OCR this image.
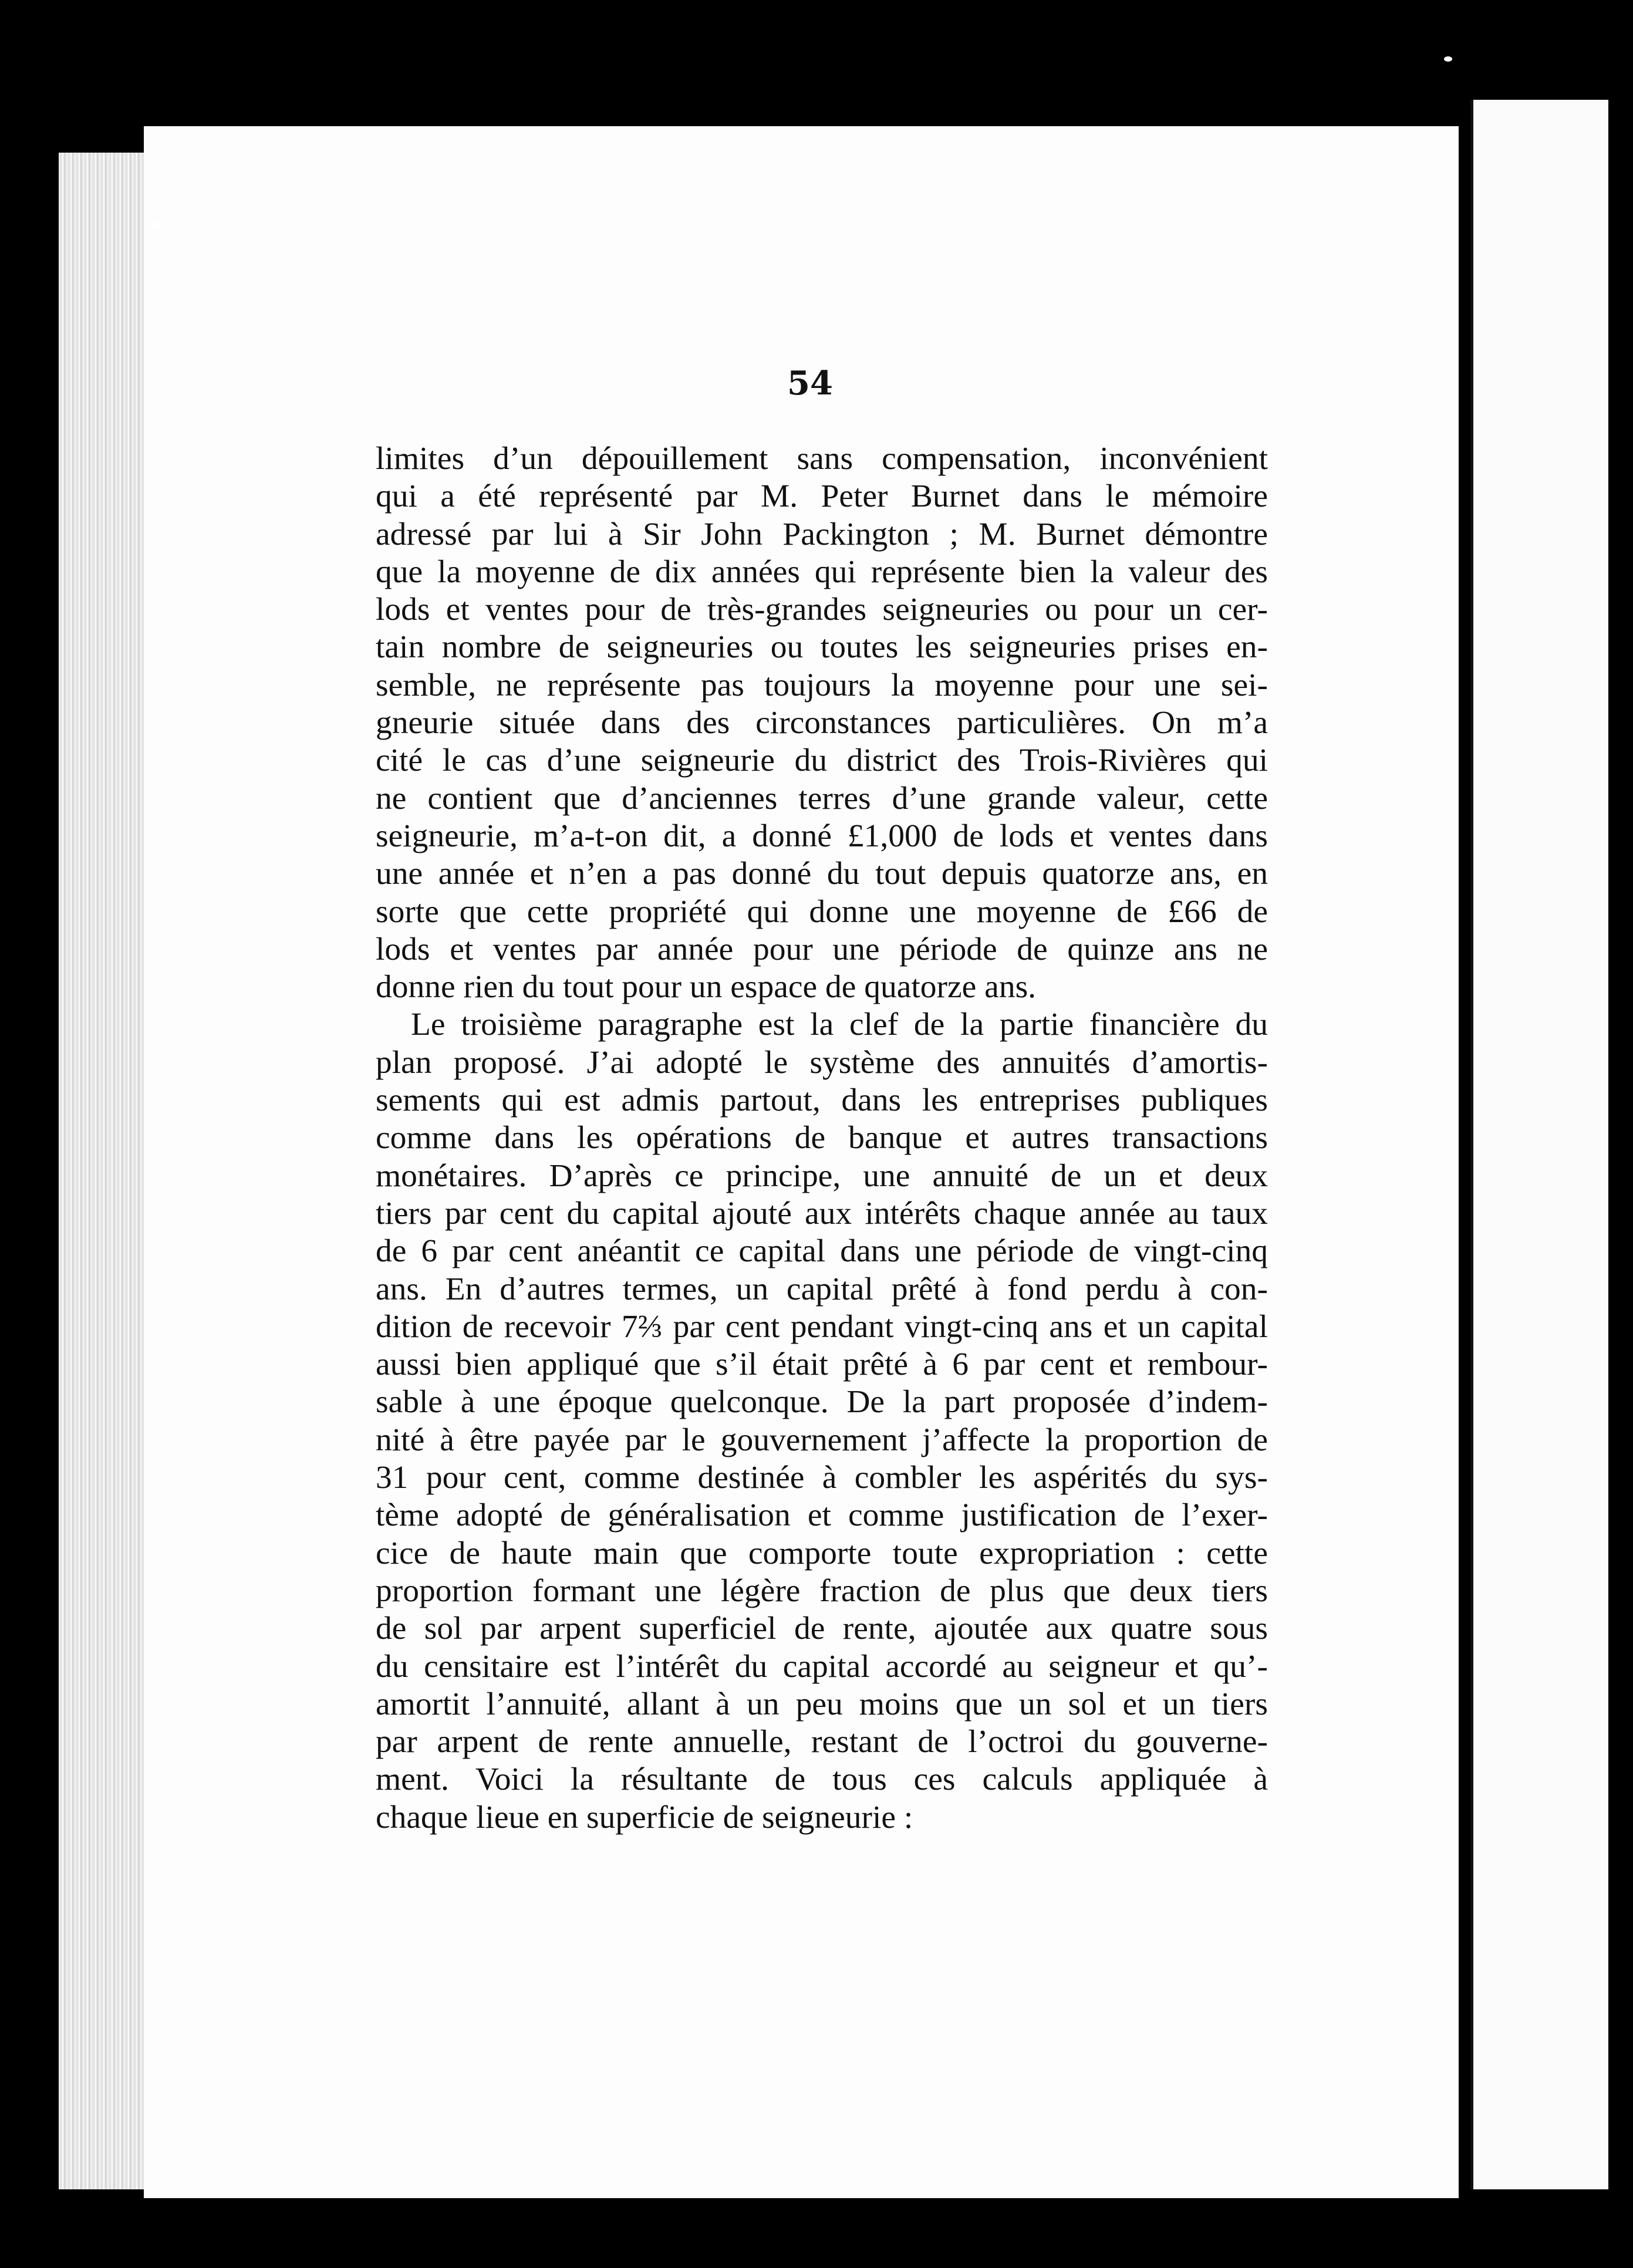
54
limites d’un dépouillement sans compensation, inconvénient
qui a été représenté par M. Peter Burnet dans le mémoire
adressé par lui à Sir John Packington ; M. Burnet démontre
que la moyenne de dix années qui représente bien la valeur des
lods et ventes pour de très-grandes seigneuries ou pour un cer-
tain nombre de seigneuries ou toutes les seigneuries prises en-
semble, ne représente pas toujours la moyenne pour une sei-
gneurie située dans des circonstances particulières. On m’a
cité le cas d’une seigneurie du district des Trois-Rivières qui
ne contient que d’anciennes terres d’une grande valeur, cette
seigneurie, m’a-t-on dit, a donné £1,000 de lods et ventes dans
une année et n’en a pas donné du tout depuis quatorze ans, en
sorte que cette propriété qui donne une moyenne de £66 de
lods et ventes par année pour une période de quinze ans ne
donne rien du tout pour un espace de quatorze ans.
Le troisième paragraphe est la clef de la partie financière du
plan proposé. J’ai adopté le système des annuités d’amortis-
sements qui est admis partout, dans les entreprises publiques
comme dans les opérations de banque et autres transactions
monétaires. D’après ce principe, une annuité de un et deux
tiers par cent du capital ajouté aux intérêts chaque année au taux
de 6 par cent anéantit ce capital dans une période de vingt-cinq
ans. En d’autres termes, un capital prêté à fond perdu à con-
dition de recevoir 7⅔ par cent pendant vingt-cinq ans et un capital
aussi bien appliqué que s’il était prêté à 6 par cent et rembour-
sable à une époque quelconque. De la part proposée d’indem-
nité à être payée par le gouvernement j’affecte la proportion de
31 pour cent, comme destinée à combler les aspérités du sys-
tème adopté de généralisation et comme justification de l’exer-
cice de haute main que comporte toute expropriation : cette
proportion formant une légère fraction de plus que deux tiers
de sol par arpent superficiel de rente, ajoutée aux quatre sous
du censitaire est l’intérêt du capital accordé au seigneur et qu’-
amortit l’annuité, allant à un peu moins que un sol et un tiers
par arpent de rente annuelle, restant de l’octroi du gouverne-
ment. Voici la résultante de tous ces calculs appliquée à
chaque lieue en superficie de seigneurie :
